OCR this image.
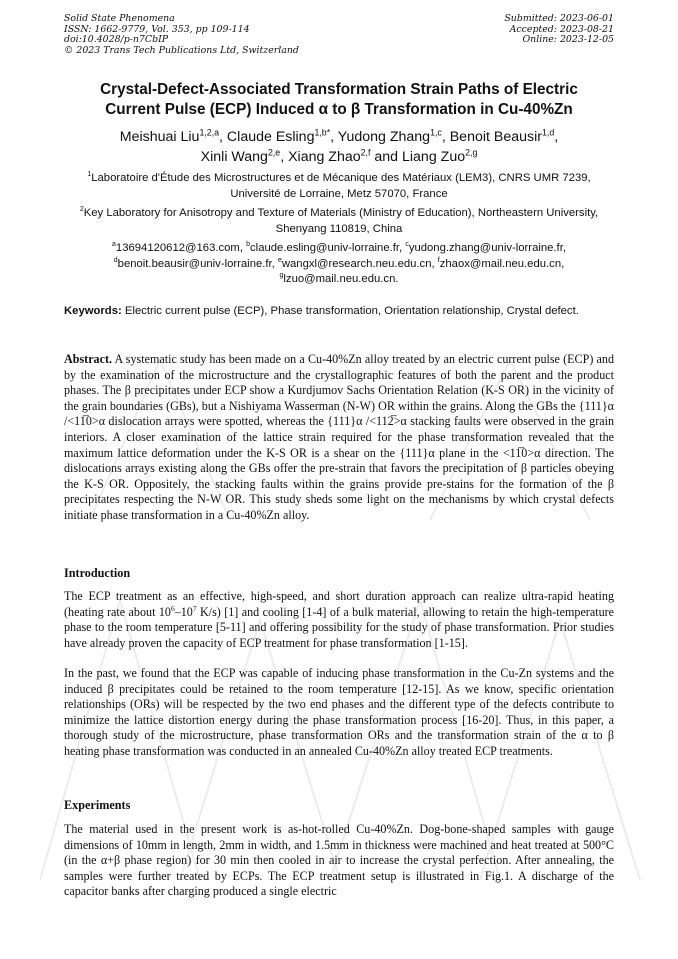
Solid State Phenomena
ISSN: 1662-9779, Vol. 353, pp 109-114
doi:10.4028/p-n7CbIP
© 2023 Trans Tech Publications Ltd, Switzerland
Submitted: 2023-06-01
Accepted: 2023-08-21
Online: 2023-12-05
Crystal-Defect-Associated Transformation Strain Paths of Electric
Current Pulse (ECP) Induced α to β Transformation in Cu-40%Zn
Meishuai Liu$^{1,2,a}$, Claude Esling$^{1,b*}$, Yudong Zhang$^{1,c}$, Benoit Beausir$^{1,d}$,
Xinli Wang$^{2,e}$, Xiang Zhao$^{2,f}$ and Liang Zuo$^{2,g}$
$^1$Laboratoire d'Étude des Microstructures et de Mécanique des Matériaux (LEM3), CNRS UMR 7239, Université de Lorraine, Metz 57070, France
$^2$Key Laboratory for Anisotropy and Texture of Materials (Ministry of Education), Northeastern University, Shenyang 110819, China
$^a$13694120612@163.com, $^b$claude.esling@univ-lorraine.fr, $^c$yudong.zhang@univ-lorraine.fr,
$^d$benoit.beausir@univ-lorraine.fr, $^e$wangxl@research.neu.edu.cn, $^f$zhaox@mail.neu.edu.cn,
$^g$lzuo@mail.neu.edu.cn.
Keywords: Electric current pulse (ECP), Phase transformation, Orientation relationship, Crystal defect.
Abstract. A systematic study has been made on a Cu-40%Zn alloy treated by an electric current pulse (ECP) and by the examination of the microstructure and the crystallographic features of both the parent and the product phases. The β precipitates under ECP show a Kurdjumov Sachs Orientation Relation (K-S OR) in the vicinity of the grain boundaries (GBs), but a Nishiyama Wasserman (N-W) OR within the grains. Along the GBs the {111}α /<11̅0>α dislocation arrays were spotted, whereas the {111}α /<112̅>α stacking faults were observed in the grain interiors. A closer examination of the lattice strain required for the phase transformation revealed that the maximum lattice deformation under the K-S OR is a shear on the {111}α plane in the <11̅0>α direction. The dislocations arrays existing along the GBs offer the pre-strain that favors the precipitation of β particles obeying the K-S OR. Oppositely, the stacking faults within the grains provide pre-stains for the formation of the β precipitates respecting the N-W OR. This study sheds some light on the mechanisms by which crystal defects initiate phase transformation in a Cu-40%Zn alloy.
Introduction
The ECP treatment as an effective, high-speed, and short duration approach can realize ultra-rapid heating (heating rate about $10^6-10^7$ K/s) [1] and cooling [1-4] of a bulk material, allowing to retain the high-temperature phase to the room temperature [5-11] and offering possibility for the study of phase transformation. Prior studies have already proven the capacity of ECP treatment for phase transformation [1-15].
In the past, we found that the ECP was capable of inducing phase transformation in the Cu-Zn systems and the induced β precipitates could be retained to the room temperature [12-15]. As we know, specific orientation relationships (ORs) will be respected by the two end phases and the different type of the defects contribute to minimize the lattice distortion energy during the phase transformation process [16-20]. Thus, in this paper, a thorough study of the microstructure, phase transformation ORs and the transformation strain of the α to β heating phase transformation was conducted in an annealed Cu-40%Zn alloy treated ECP treatments.
Experiments
The material used in the present work is as-hot-rolled Cu-40%Zn. Dog-bone-shaped samples with gauge dimensions of 10mm in length, 2mm in width, and 1.5mm in thickness were machined and heat treated at 500°C (in the α+β phase region) for 30 min then cooled in air to increase the crystal perfection. After annealing, the samples were further treated by ECPs. The ECP treatment setup is illustrated in Fig.1. A discharge of the capacitor banks after charging produced a single electric
